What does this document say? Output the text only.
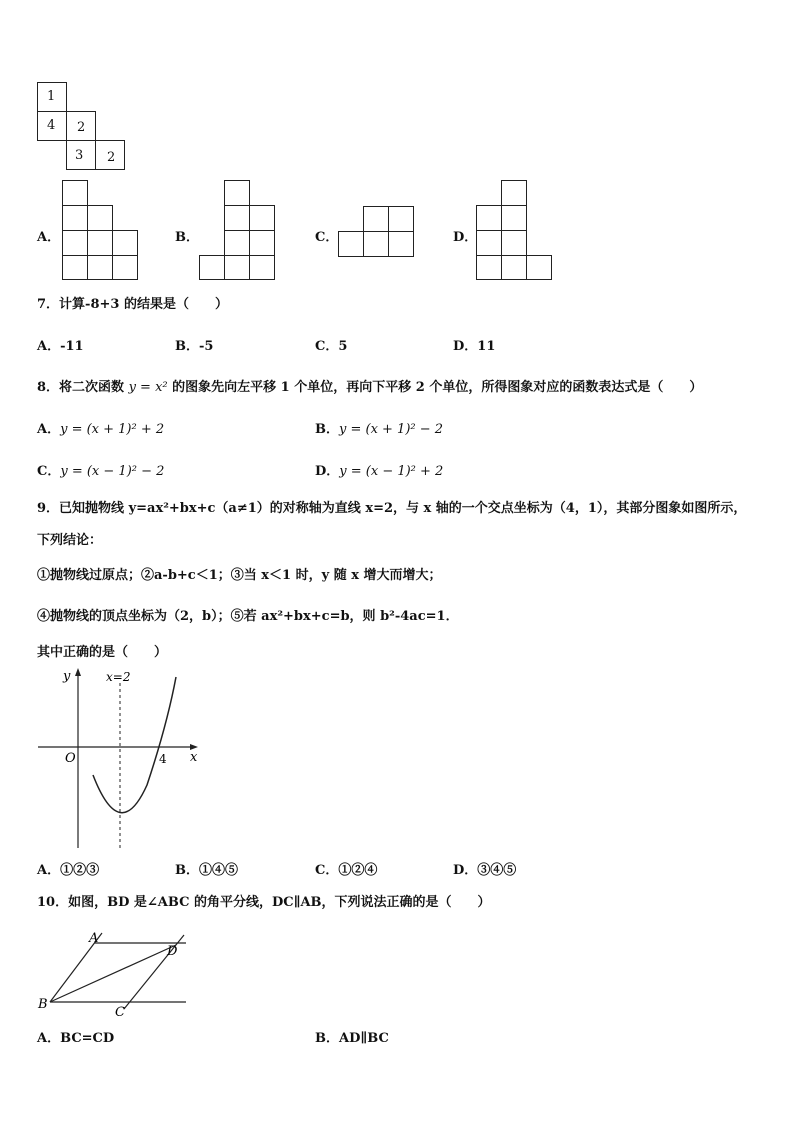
1
4 2
3 2
A．	B．	C．	D．
7．计算-8+3 的结果是（　　）
A．-11	B．-5	C．5	D．11
8．将二次函数 y = x² 的图象先向左平移 1 个单位，再向下平移 2 个单位，所得图象对应的函数表达式是（　　）
A．y = (x + 1)² + 2	B．y = (x + 1)² − 2
C．y = (x − 1)² − 2	D．y = (x − 1)² + 2
9．已知抛物线 y=ax²+bx+c（a≠1）的对称轴为直线 x=2，与 x 轴的一个交点坐标为（4，1），其部分图象如图所示，
下列结论：
①抛物线过原点；②a-b+c＜1；③当 x＜1 时，y 随 x 增大而增大；
④抛物线的顶点坐标为（2，b）；⑤若 ax²+bx+c=b，则 b²-4ac=1．
其中正确的是（　　）
y	x=2
O	4 x
A．①②③	B．①④⑤	C．①②④	D．③④⑤
10．如图，BD 是∠ABC 的角平分线，DC∥AB，下列说法正确的是（　　）
A
D
B
C
A．BC=CD	B．AD∥BC
